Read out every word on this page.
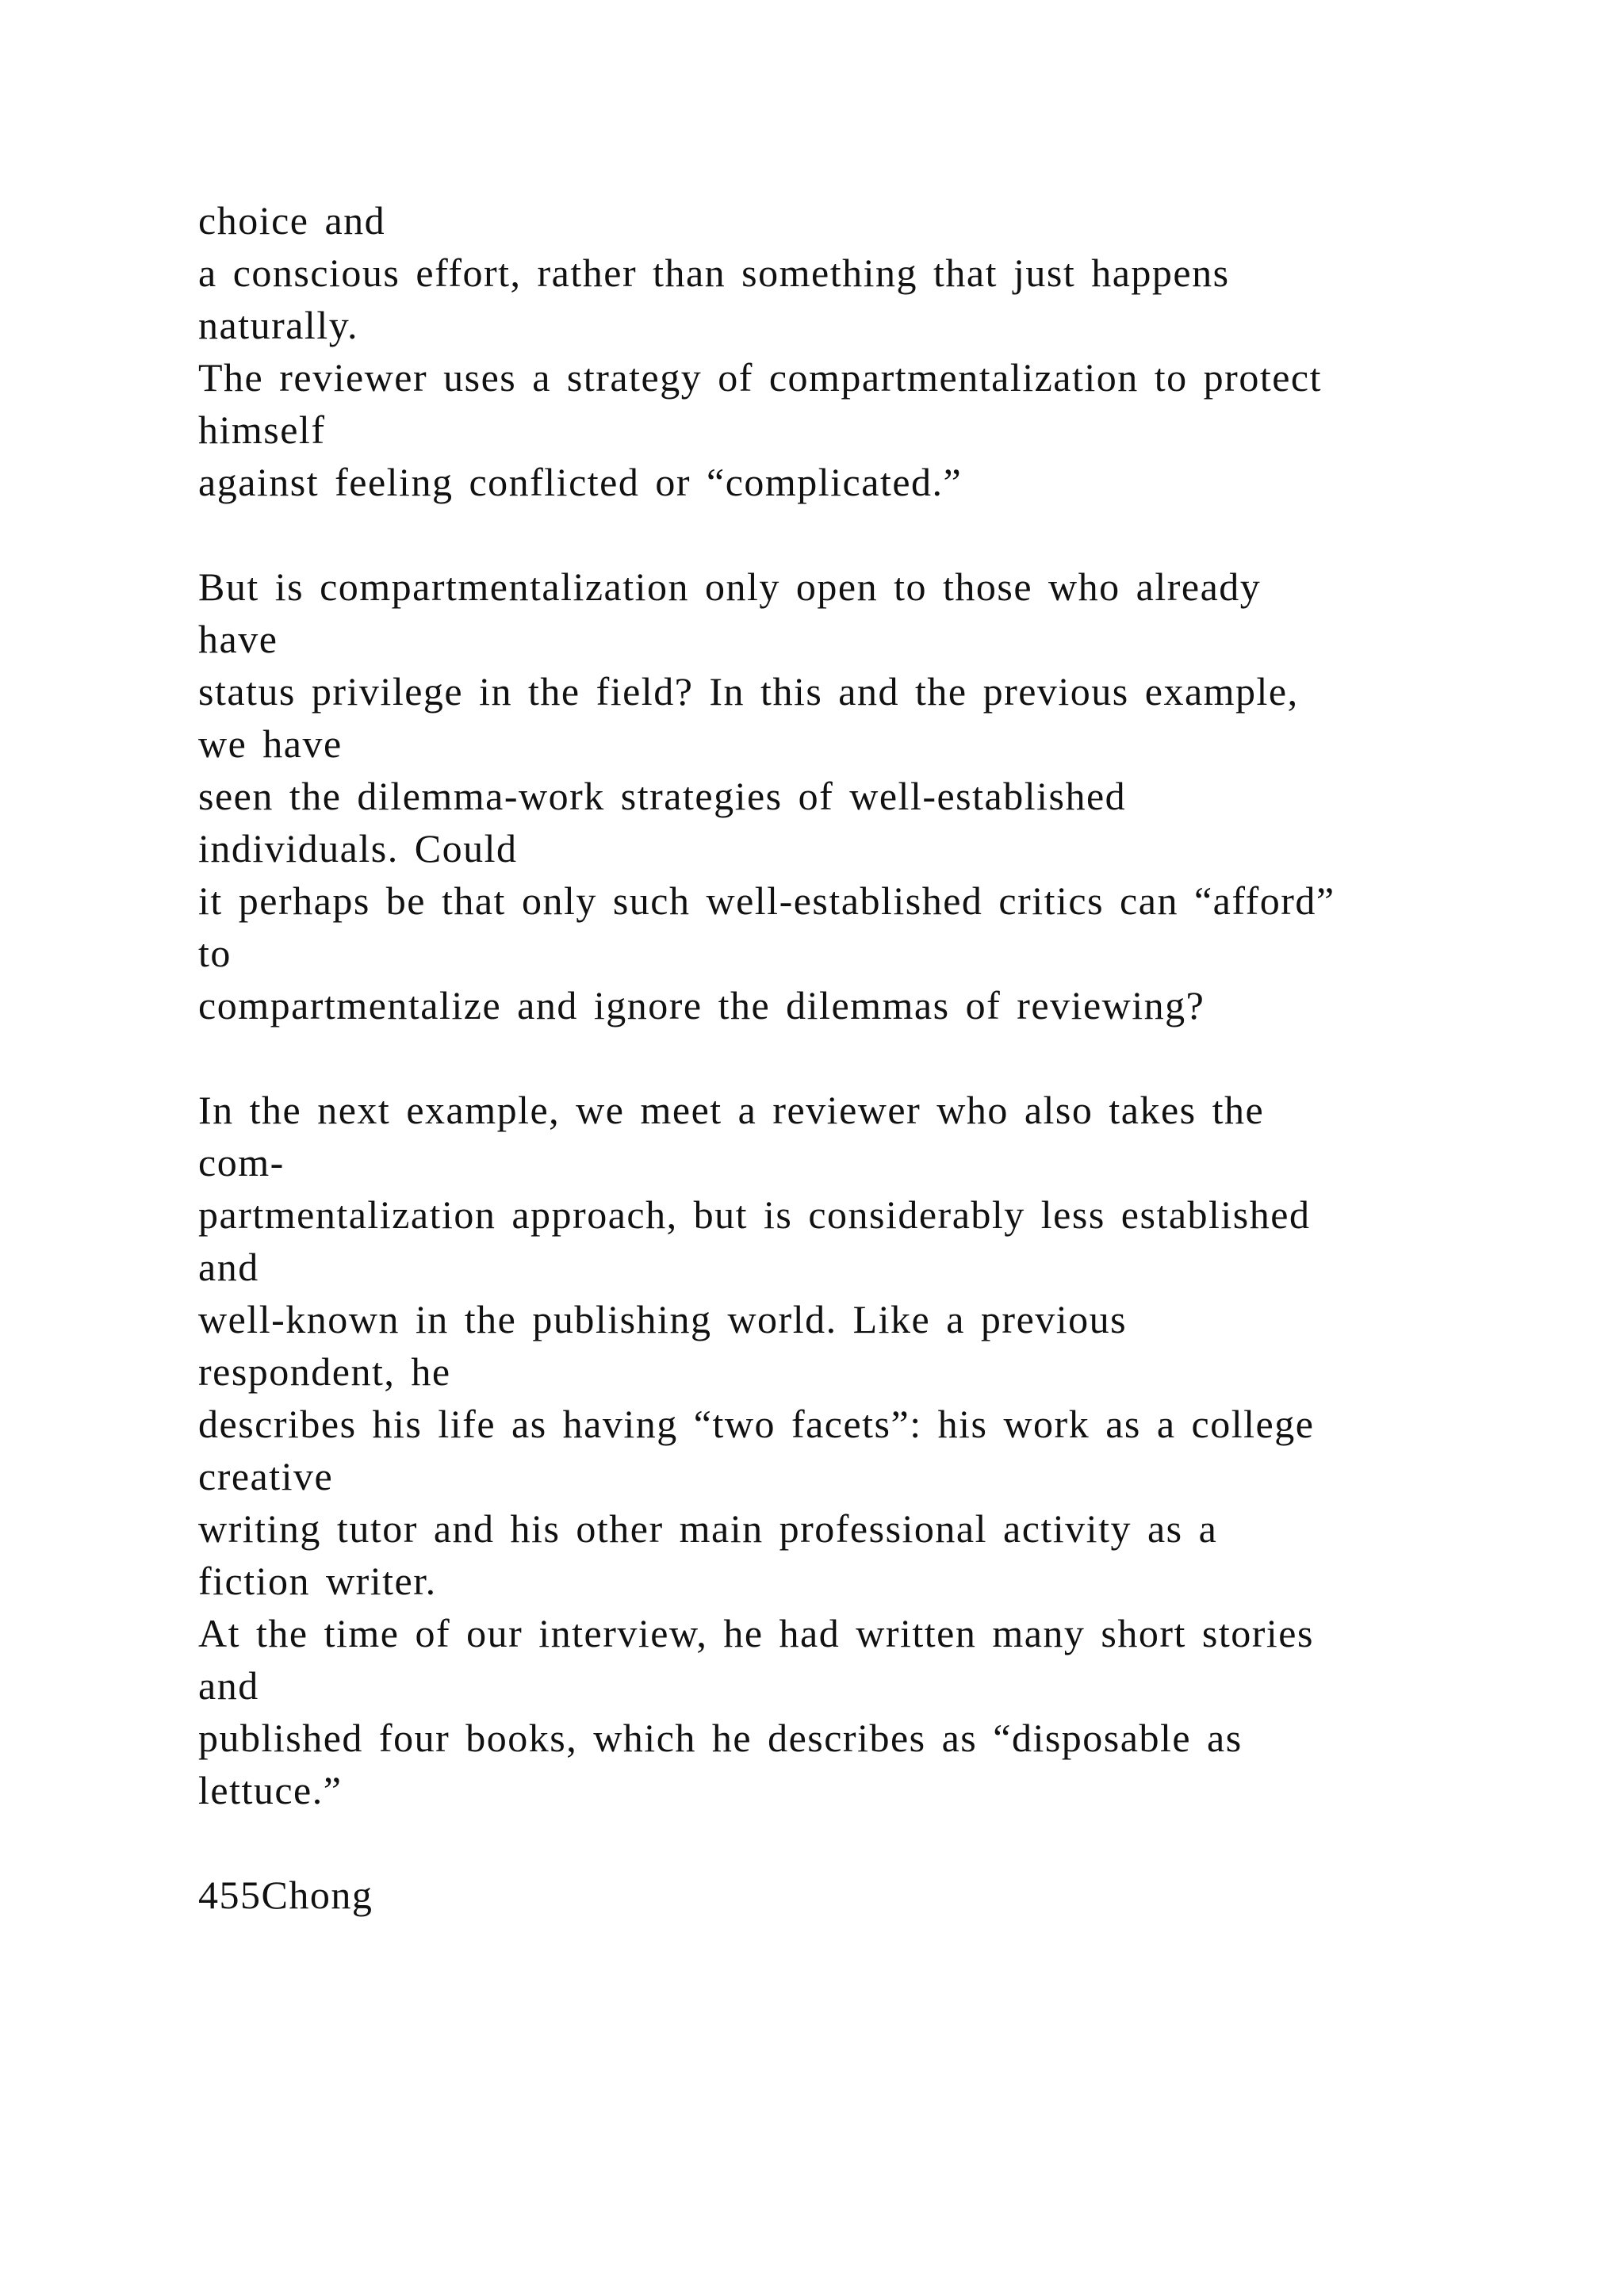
choice and
a conscious effort, rather than something that just happens
naturally.
The reviewer uses a strategy of compartmentalization to protect
himself
against feeling conflicted or “complicated.”
But is compartmentalization only open to those who already
have
status privilege in the field? In this and the previous example,
we have
seen the dilemma-work strategies of well-established
individuals. Could
it perhaps be that only such well-established critics can “afford”
to
compartmentalize and ignore the dilemmas of reviewing?
In the next example, we meet a reviewer who also takes the
com-
partmentalization approach, but is considerably less established
and
well-known in the publishing world. Like a previous
respondent, he
describes his life as having “two facets”: his work as a college
creative
writing tutor and his other main professional activity as a
fiction writer.
At the time of our interview, he had written many short stories
and
published four books, which he describes as “disposable as
lettuce.”
455Chong
